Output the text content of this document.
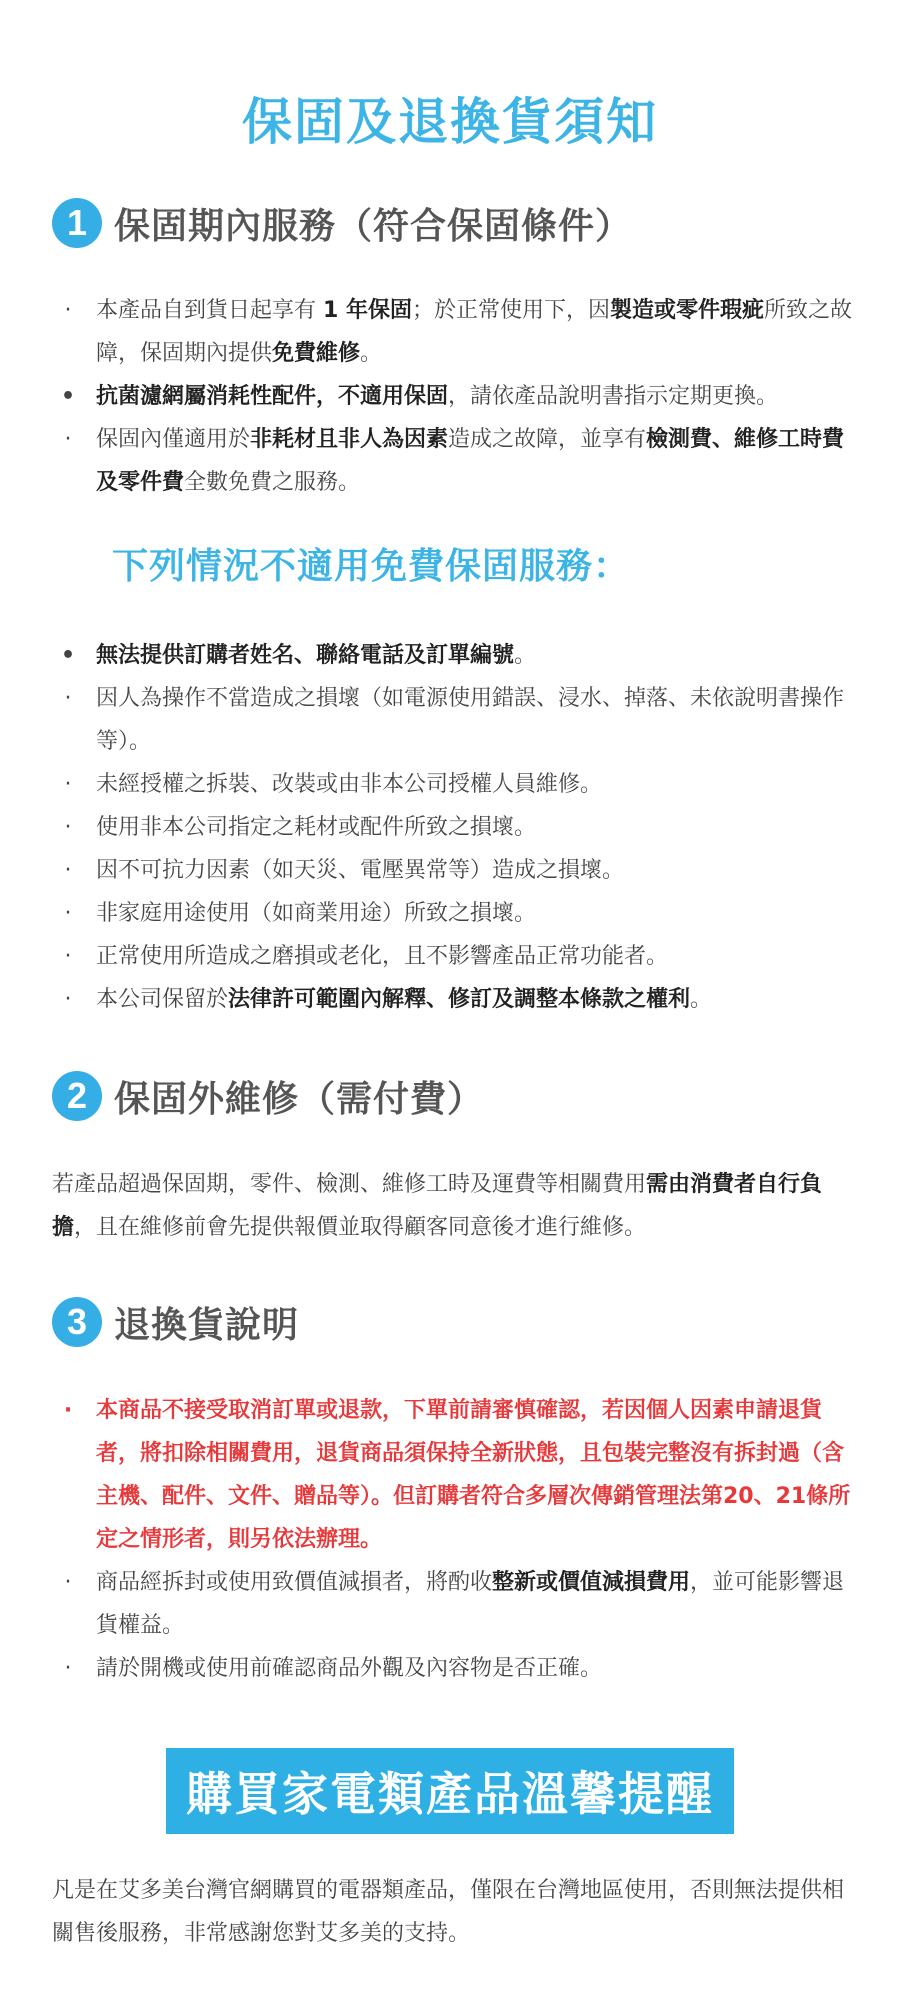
保固及退換貨須知
1 保固期內服務（符合保固條件）
· 本產品自到貨日起享有 1 年保固；於正常使用下，因製造或零件瑕疵所致之故障，保固期內提供免費維修。
• 抗菌濾網屬消耗性配件，不適用保固，請依產品說明書指示定期更換。
· 保固內僅適用於非耗材且非人為因素造成之故障，並享有檢測費、維修工時費及零件費全數免費之服務。
下列情況不適用免費保固服務：
• 無法提供訂購者姓名、聯絡電話及訂單編號。
· 因人為操作不當造成之損壞（如電源使用錯誤、浸水、掉落、未依說明書操作等）。
· 未經授權之拆裝、改裝或由非本公司授權人員維修。
· 使用非本公司指定之耗材或配件所致之損壞。
· 因不可抗力因素（如天災、電壓異常等）造成之損壞。
· 非家庭用途使用（如商業用途）所致之損壞。
· 正常使用所造成之磨損或老化，且不影響產品正常功能者。
· 本公司保留於法律許可範圍內解釋、修訂及調整本條款之權利。
2 保固外維修（需付費）
若產品超過保固期，零件、檢測、維修工時及運費等相關費用需由消費者自行負擔，且在維修前會先提供報價並取得顧客同意後才進行維修。
3 退換貨說明
· 本商品不接受取消訂單或退款，下單前請審慎確認，若因個人因素申請退貨者，將扣除相關費用，退貨商品須保持全新狀態，且包裝完整沒有拆封過（含主機、配件、文件、贈品等）。但訂購者符合多層次傳銷管理法第20、21條所定之情形者，則另依法辦理。
· 商品經拆封或使用致價值減損者，將酌收整新或價值減損費用，並可能影響退貨權益。
· 請於開機或使用前確認商品外觀及內容物是否正確。
購買家電類產品溫馨提醒
凡是在艾多美台灣官網購買的電器類產品，僅限在台灣地區使用，否則無法提供相關售後服務，非常感謝您對艾多美的支持。
